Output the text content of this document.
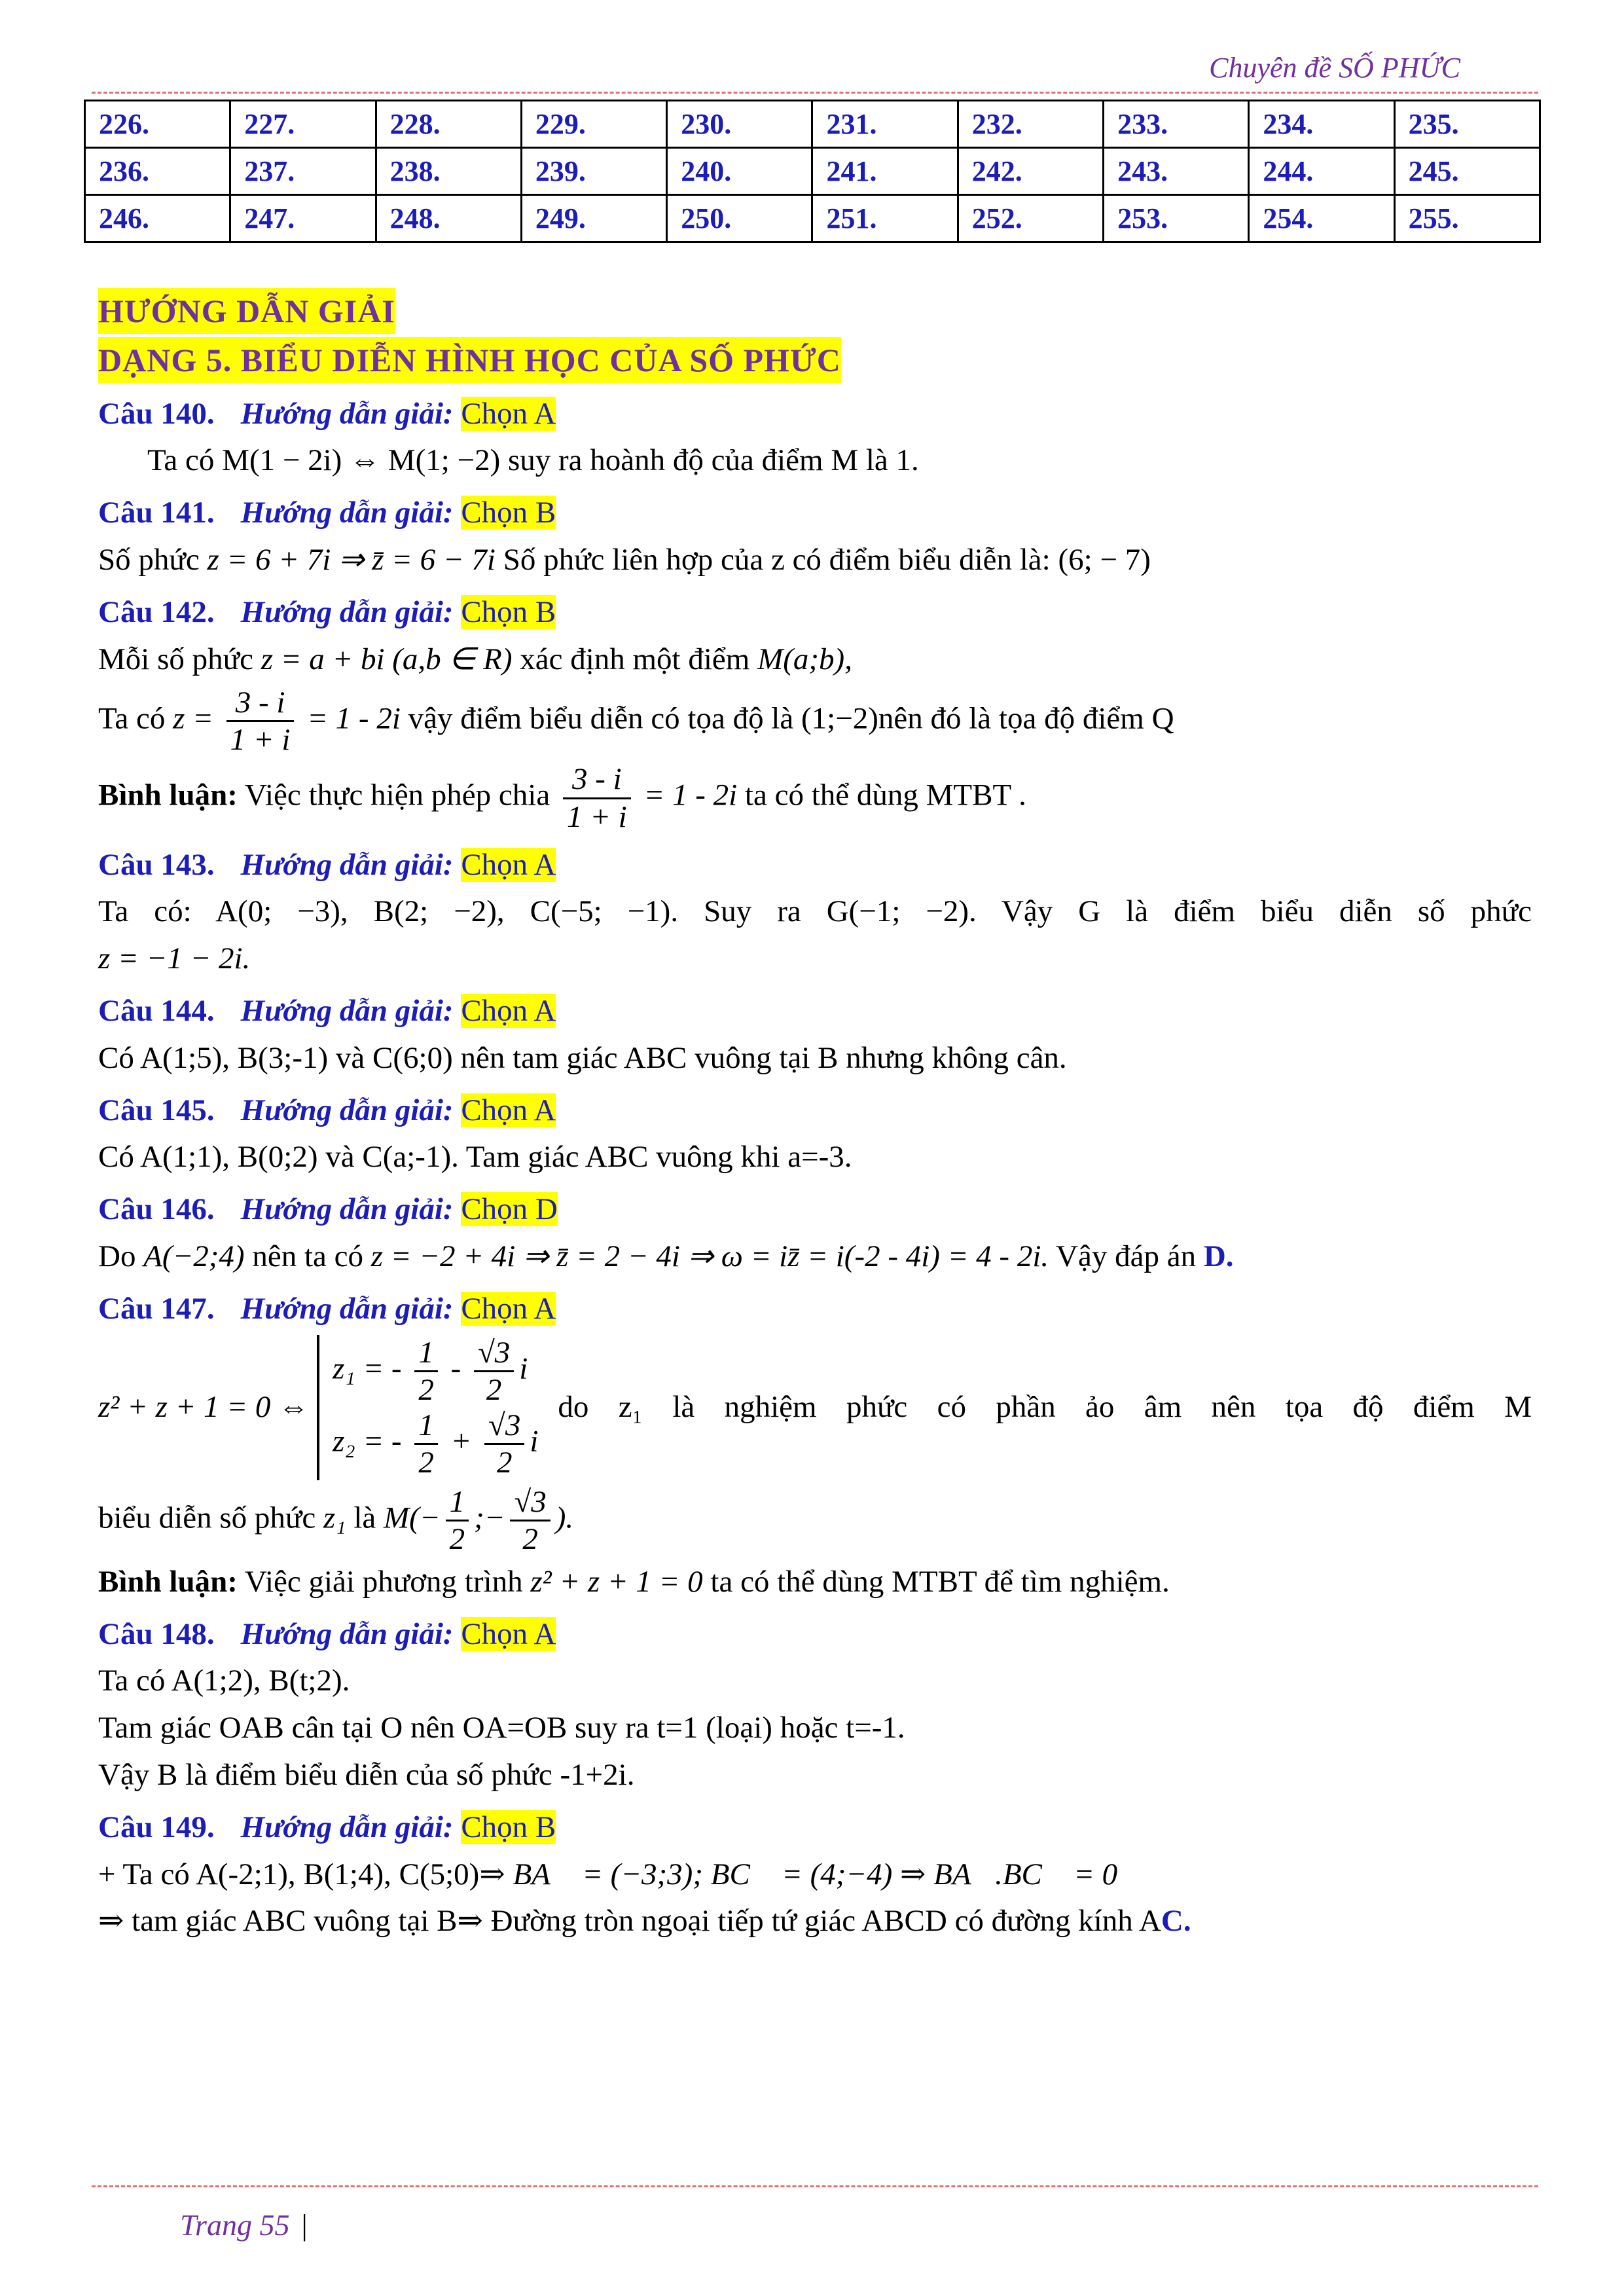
Chuyên đề SỐ PHỨC
226.	227.	228.	229.	230.	231.	232.	233.	234.	235.
236.	237.	238.	239.	240.	241.	242.	243.	244.	245.
246.	247.	248.	249.	250.	251.	252.	253.	254.	255.
HƯỚNG DẪN GIẢI
DẠNG 5. BIỂU DIỄN HÌNH HỌC CỦA SỐ PHỨC
Câu 140. Hướng dẫn giải: Chọn A
Ta có M(1 − 2i) ⇔ M(1; −2) suy ra hoành độ của điểm M là 1.
Câu 141. Hướng dẫn giải: Chọn B
Số phức z = 6 + 7i ⇒ z̄ = 6 − 7i Số phức liên hợp của z có điểm biểu diễn là: (6; − 7)
Câu 142. Hướng dẫn giải: Chọn B
Mỗi số phức z = a + bi (a,b ∈ R) xác định một điểm M(a;b),
Ta có $z = \frac{3 - i}{1 + i} = 1 - 2i$ vậy điểm biểu diễn có tọa độ là (1;−2)nên đó là tọa độ điểm Q
Bình luận: Việc thực hiện phép chia $\frac{3 - i}{1 + i} = 1 - 2i$ ta có thể dùng MTBT .
Câu 143. Hướng dẫn giải: Chọn A
Ta có: A(0; −3), B(2; −2), C(−5; −1). Suy ra G(−1; −2). Vậy G là điểm biểu diễn số phức
z = −1 − 2i.
Câu 144. Hướng dẫn giải: Chọn A
Có A(1;5), B(3;-1) và C(6;0) nên tam giác ABC vuông tại B nhưng không cân.
Câu 145. Hướng dẫn giải: Chọn A
Có A(1;1), B(0;2) và C(a;-1). Tam giác ABC vuông khi a=-3.
Câu 146. Hướng dẫn giải: Chọn D
Do A(−2;4) nên ta có z = −2 + 4i ⇒ z̄ = 2 − 4i ⇒ ω = iz̄ = i(-2 - 4i) = 4 - 2i. Vậy đáp án D.
Câu 147. Hướng dẫn giải: Chọn A
z² + z + 1 = 0 ⇔
z₁ = - $\frac{1}{2} - \frac{√3}{2}$ i
z₂ = - $\frac{1}{2} + \frac{√3}{2}$ i
do z₁ là nghiệm phức có phần ảo âm nên tọa độ điểm M
biểu diễn số phức z₁ là $M(- \frac{1}{2}$ ;− $\frac{√3}{2}$ ).
Bình luận: Việc giải phương trình z² + z + 1 = 0 ta có thể dùng MTBT để tìm nghiệm.
Câu 148. Hướng dẫn giải: Chọn A
Ta có A(1;2), B(t;2).
Tam giác OAB cân tại O nên OA=OB suy ra t=1 (loại) hoặc t=-1.
Vậy B là điểm biểu diễn của số phức -1+2i.
Câu 149. Hướng dẫn giải: Chọn B
+ Ta có A(-2;1), B(1;4), C(5;0)⇒ BA⃗ = (−3;3); BC⃗ = (4;−4) ⇒ BA⃗.BC⃗ = 0
⇒ tam giác ABC vuông tại B⇒ Đường tròn ngoại tiếp tứ giác ABCD có đường kính AC.
Trang 55 |
